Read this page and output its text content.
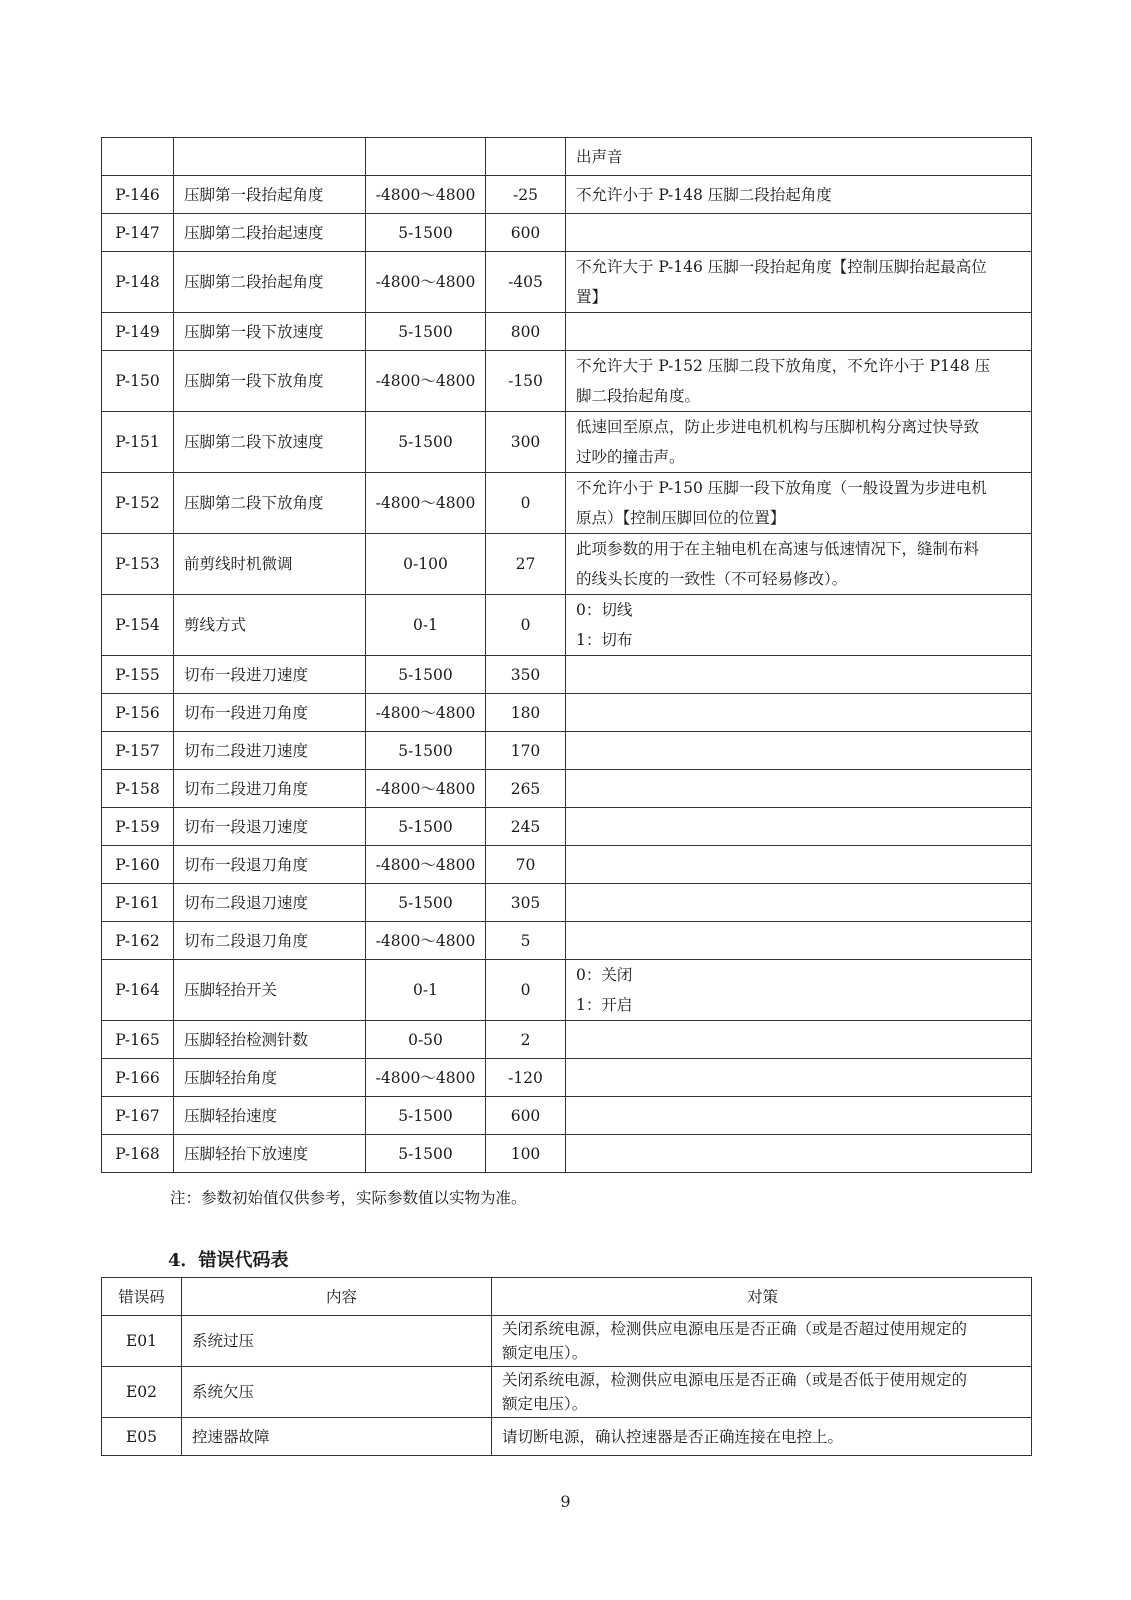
				出声音

P-146	压脚第一段抬起角度	-4800～4800	-25	不允许小于 P-148 压脚二段抬起角度

P-147	压脚第二段抬起速度	5-1500	600	
P-148	压脚第二段抬起角度	-4800～4800	-405	不允许大于 P-146 压脚一段抬起角度【控制压脚抬起最高位
置】

P-149	压脚第一段下放速度	5-1500	800	
P-150	压脚第一段下放角度	-4800～4800	-150	不允许大于 P-152 压脚二段下放角度，不允许小于 P148 压
脚二段抬起角度。

P-151	压脚第二段下放速度	5-1500	300	低速回至原点，防止步进电机机构与压脚机构分离过快导致
过吵的撞击声。

P-152	压脚第二段下放角度	-4800～4800	0	不允许小于 P-150 压脚一段下放角度（一般设置为步进电机
原点）【控制压脚回位的位置】

P-153	前剪线时机微调	0-100	27	此项参数的用于在主轴电机在高速与低速情况下，缝制布料
的线头长度的一致性（不可轻易修改）。

P-154	剪线方式	0-1	0	0：切线
1：切布

P-155	切布一段进刀速度	5-1500	350	
P-156	切布一段进刀角度	-4800～4800	180	
P-157	切布二段进刀速度	5-1500	170	
P-158	切布二段进刀角度	-4800～4800	265	
P-159	切布一段退刀速度	5-1500	245	
P-160	切布一段退刀角度	-4800～4800	70	
P-161	切布二段退刀速度	5-1500	305	
P-162	切布二段退刀角度	-4800～4800	5	
P-164	压脚轻抬开关	0-1	0	0：关闭
1：开启

P-165	压脚轻抬检测针数	0-50	2	
P-166	压脚轻抬角度	-4800～4800	-120	
P-167	压脚轻抬速度	5-1500	600	
P-168	压脚轻抬下放速度	5-1500	100	

注：参数初始值仅供参考，实际参数值以实物为准。

4．错误代码表
错误码	内容	对策
E01	系统过压	关闭系统电源，检测供应电源电压是否正确（或是否超过使用规定的
额定电压）。

E02	系统欠压	关闭系统电源，检测供应电源电压是否正确（或是否低于使用规定的
额定电压）。

E05	控速器故障	请切断电源，确认控速器是否正确连接在电控上。

9
